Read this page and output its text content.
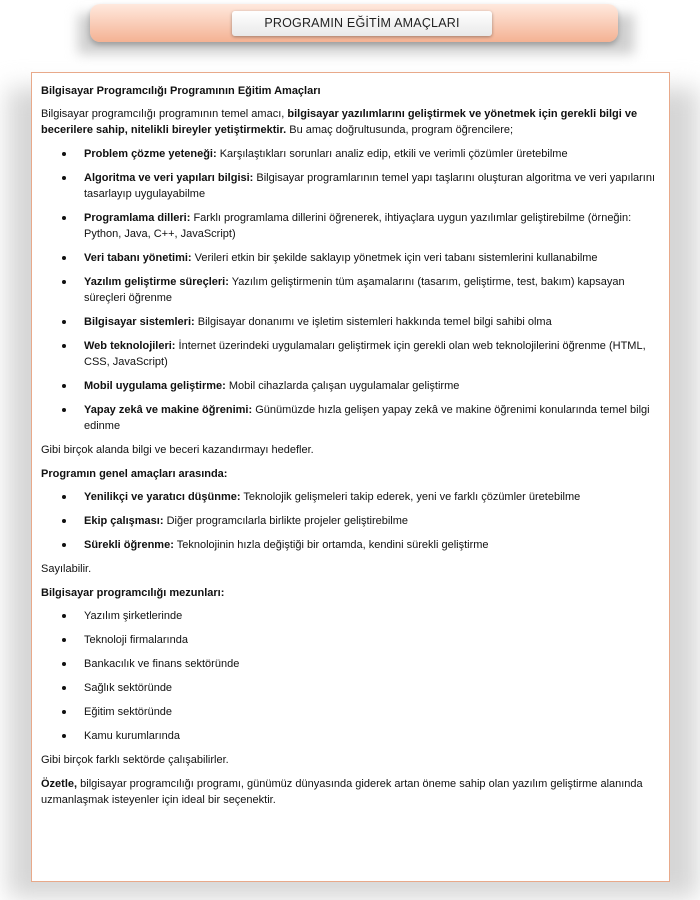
PROGRAMIN EĞİTİM AMAÇLARI

Bilgisayar Programcılığı Programının Eğitim Amaçları

Bilgisayar programcılığı programının temel amacı, bilgisayar yazılımlarını geliştirmek ve yönetmek için gerekli bilgi ve becerilere sahip, nitelikli bireyler yetiştirmektir. Bu amaç doğrultusunda, program öğrencilere;

Problem çözme yeteneği: Karşılaştıkları sorunları analiz edip, etkili ve verimli çözümler üretebilme
Algoritma ve veri yapıları bilgisi: Bilgisayar programlarının temel yapı taşlarını oluşturan algoritma ve veri yapılarını tasarlayıp uygulayabilme
Programlama dilleri: Farklı programlama dillerini öğrenerek, ihtiyaçlara uygun yazılımlar geliştirebilme (örneğin: Python, Java, C++, JavaScript)
Veri tabanı yönetimi: Verileri etkin bir şekilde saklayıp yönetmek için veri tabanı sistemlerini kullanabilme
Yazılım geliştirme süreçleri: Yazılım geliştirmenin tüm aşamalarını (tasarım, geliştirme, test, bakım) kapsayan süreçleri öğrenme
Bilgisayar sistemleri: Bilgisayar donanımı ve işletim sistemleri hakkında temel bilgi sahibi olma
Web teknolojileri: İnternet üzerindeki uygulamaları geliştirmek için gerekli olan web teknolojilerini öğrenme (HTML, CSS, JavaScript)
Mobil uygulama geliştirme: Mobil cihazlarda çalışan uygulamalar geliştirme
Yapay zekâ ve makine öğrenimi: Günümüzde hızla gelişen yapay zekâ ve makine öğrenimi konularında temel bilgi edinme

Gibi birçok alanda bilgi ve beceri kazandırmayı hedefler.

Programın genel amaçları arasında:

Yenilikçi ve yaratıcı düşünme: Teknolojik gelişmeleri takip ederek, yeni ve farklı çözümler üretebilme
Ekip çalışması: Diğer programcılarla birlikte projeler geliştirebilme
Sürekli öğrenme: Teknolojinin hızla değiştiği bir ortamda, kendini sürekli geliştirme

Sayılabilir.

Bilgisayar programcılığı mezunları:

Yazılım şirketlerinde
Teknoloji firmalarında
Bankacılık ve finans sektöründe
Sağlık sektöründe
Eğitim sektöründe
Kamu kurumlarında

Gibi birçok farklı sektörde çalışabilirler.

Özetle, bilgisayar programcılığı programı, günümüz dünyasında giderek artan öneme sahip olan yazılım geliştirme alanında uzmanlaşmak isteyenler için ideal bir seçenektir.
